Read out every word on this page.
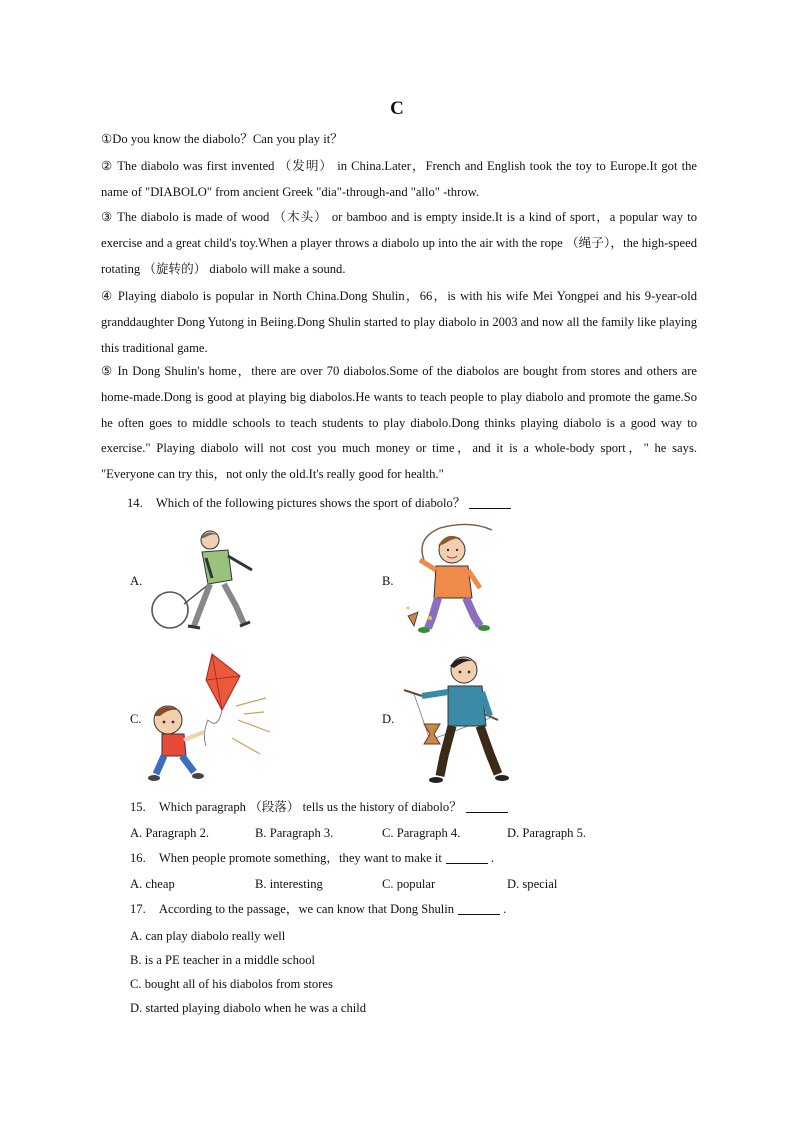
C
①Do you know the diabolo？Can you play it？
② The diabolo was first invented （发明） in China.Later，French and English took the toy to Europe.It got the name of "DIABOLO" from ancient Greek "dia"-through-and "allo" -throw.
③ The diabolo is made of wood （木头） or bamboo and is empty inside.It is a kind of sport，a popular way to exercise and a great child's toy.When a player throws a diabolo up into the air with the rope （绳子），the high-speed rotating （旋转的） diabolo will make a sound.
④ Playing diabolo is popular in North China.Dong Shulin，66，is with his wife Mei Yongpei and his 9-year-old granddaughter Dong Yutong in Beiing.Dong Shulin started to play diabolo in 2003 and now all the family like playing this traditional game.
⑤ In Dong Shulin's home，there are over 70 diabolos.Some of the diabolos are bought from stores and others are home-made.Dong is good at playing big diabolos.He wants to teach people to play diabolo and promote the game.So he often goes to middle schools to teach students to play diabolo.Dong thinks playing diabolo is a good way to exercise." Playing diabolo will not cost you much money or time，and it is a whole-body sport，" he says. "Everyone can try this，not only the old.It's really good for health."
14. Which of the following pictures shows the sport of diabolo？
A.	B.
C.	D.
15. Which paragraph （段落） tells us the history of diabolo？
A. Paragraph 2.	B. Paragraph 3.	C. Paragraph 4.	D. Paragraph 5.
16. When people promote something，they want to make it	.
A. cheap	B. interesting	C. popular	D. special
17. According to the passage，we can know that Dong Shulin	.
A. can play diabolo really well
B. is a PE teacher in a middle school
C. bought all of his diabolos from stores
D. started playing diabolo when he was a child
